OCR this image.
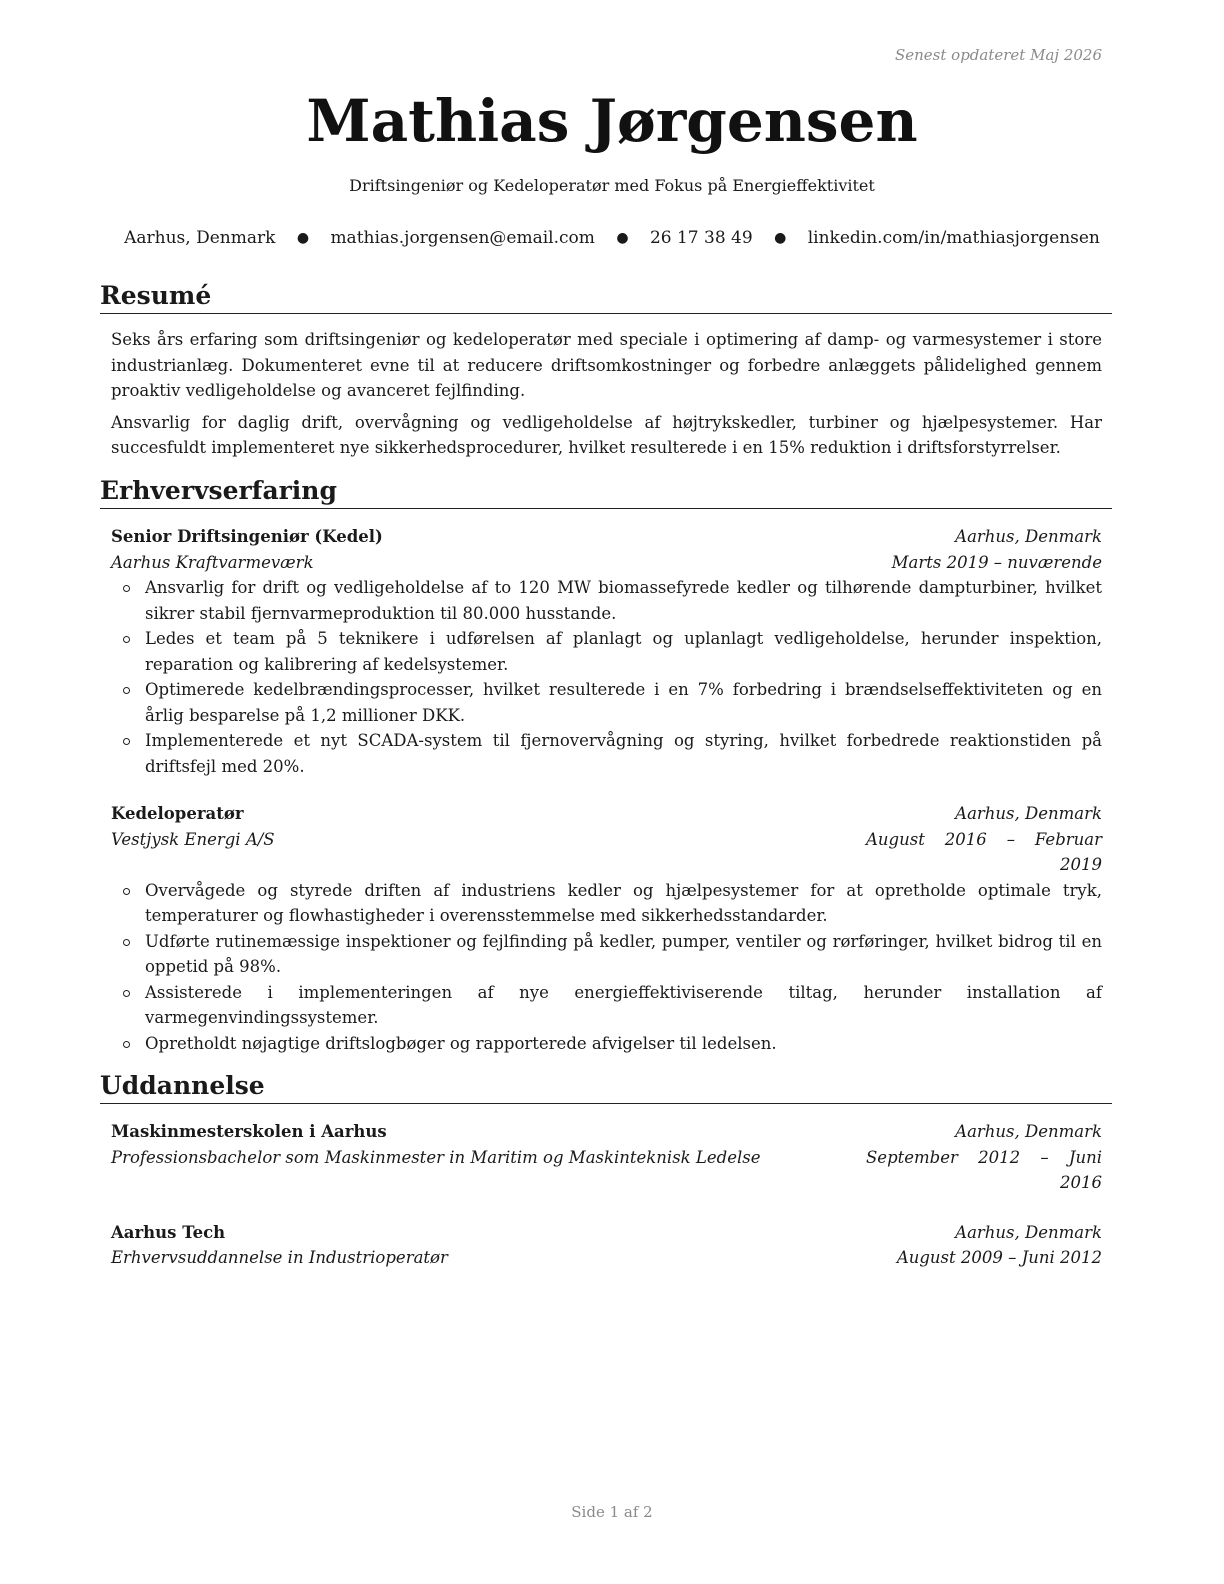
Senest opdateret Maj 2026
Mathias Jørgensen
Driftsingeniør og Kedeloperatør med Fokus på Energieffektivitet
Aarhus, Denmark ● mathias.jorgensen@email.com ● 26 17 38 49 ● linkedin.com/in/mathiasjorgensen
Resumé

Seks års erfaring som driftsingeniør og kedeloperatør med speciale i optimering af damp- og varmesystemer i store industrianlæg. Dokumenteret evne til at reducere driftsomkostninger og forbedre anlæggets pålidelighed gennem proaktiv vedligeholdelse og avanceret fejlfinding.

Ansvarlig for daglig drift, overvågning og vedligeholdelse af højtrykskedler, turbiner og hjælpesystemer. Har succesfuldt implementeret nye sikkerhedsprocedurer, hvilket resulterede i en 15% reduktion i driftsforstyrrelser.

Erhvervserfaring
Senior Driftsingeniør (Kedel)	Aarhus, Denmark
Aarhus Kraftvarmeværk	Marts 2019 – nuværende
Ansvarlig for drift og vedligeholdelse af to 120 MW biomassefyrede kedler og tilhørende dampturbiner, hvilket sikrer stabil fjernvarmeproduktion til 80.000 husstande.
Ledes et team på 5 teknikere i udførelsen af planlagt og uplanlagt vedligeholdelse, herunder inspektion, reparation og kalibrering af kedelsystemer.
Optimerede kedelbrændingsprocesser, hvilket resulterede i en 7% forbedring i brændselseffektiviteten og en årlig besparelse på 1,2 millioner DKK.
Implementerede et nyt SCADA-system til fjernovervågning og styring, hvilket forbedrede reaktionstiden på driftsfejl med 20%.
Kedeloperatør	Aarhus, Denmark
Vestjysk Energi A/S	August 2016 – Februar 2019
Overvågede og styrede driften af industriens kedler og hjælpesystemer for at opretholde optimale tryk, temperaturer og flowhastigheder i overensstemmelse med sikkerhedsstandarder.
Udførte rutinemæssige inspektioner og fejlfinding på kedler, pumper, ventiler og rørføringer, hvilket bidrog til en oppetid på 98%.
Assisterede i implementeringen af nye energieffektiviserende tiltag, herunder installation af varmegenvindingssystemer.
Opretholdt nøjagtige driftslogbøger og rapporterede afvigelser til ledelsen.
Uddannelse
Maskinmesterskolen i Aarhus	Aarhus, Denmark
Professionsbachelor som Maskinmester in Maritim og Maskinteknisk Ledelse	September 2012 – Juni 2016
Aarhus Tech	Aarhus, Denmark
Erhvervsuddannelse in Industrioperatør	August 2009 – Juni 2012
Side 1 af 2
